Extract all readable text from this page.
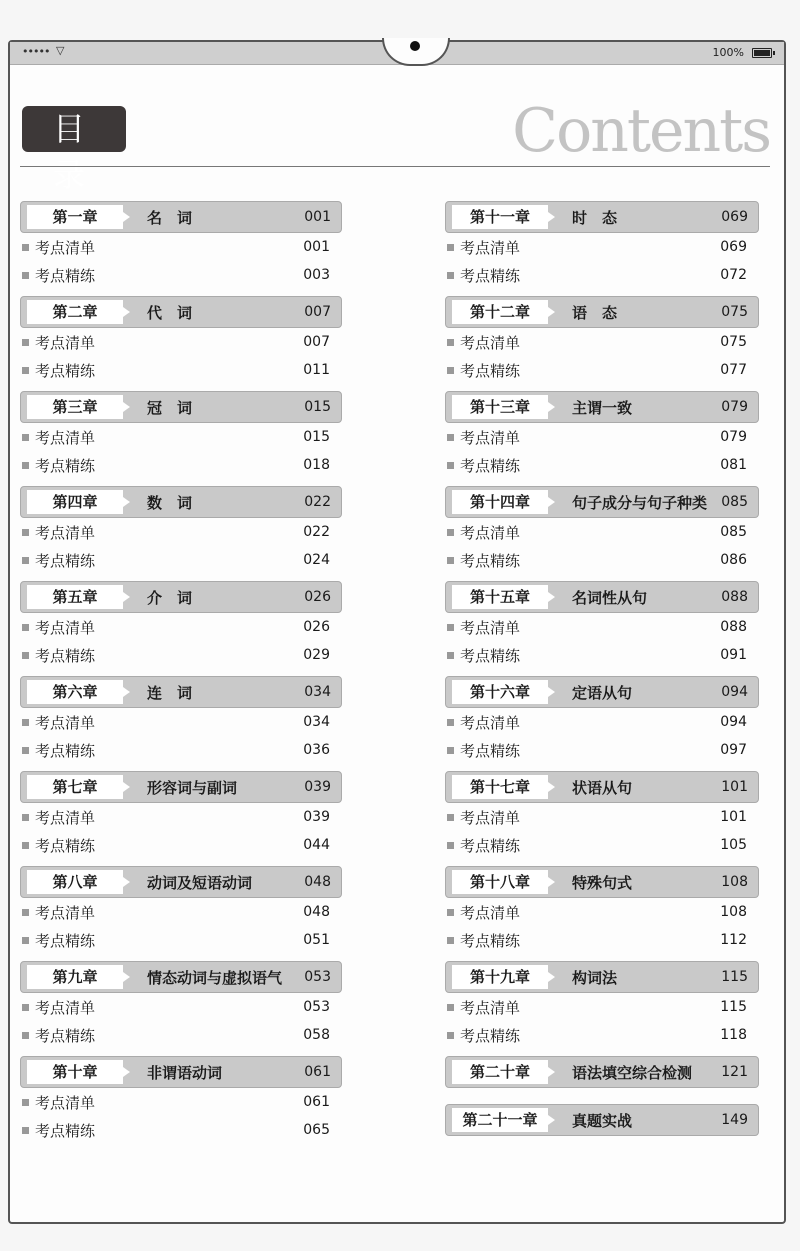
••••• ▽	100%
目 录
Contents
第一章	名　词	001
考点清单	001
考点精练	003
第二章	代　词	007
考点清单	007
考点精练	011
第三章	冠　词	015
考点清单	015
考点精练	018
第四章	数　词	022
考点清单	022
考点精练	024
第五章	介　词	026
考点清单	026
考点精练	029
第六章	连　词	034
考点清单	034
考点精练	036
第七章	形容词与副词	039
考点清单	039
考点精练	044
第八章	动词及短语动词	048
考点清单	048
考点精练	051
第九章	情态动词与虚拟语气	053
考点清单	053
考点精练	058
第十章	非谓语动词	061
考点清单	061
考点精练	065
第十一章	时　态	069
考点清单	069
考点精练	072
第十二章	语　态	075
考点清单	075
考点精练	077
第十三章	主谓一致	079
考点清单	079
考点精练	081
第十四章	句子成分与句子种类	085
考点清单	085
考点精练	086
第十五章	名词性从句	088
考点清单	088
考点精练	091
第十六章	定语从句	094
考点清单	094
考点精练	097
第十七章	状语从句	101
考点清单	101
考点精练	105
第十八章	特殊句式	108
考点清单	108
考点精练	112
第十九章	构词法	115
考点清单	115
考点精练	118
第二十章	语法填空综合检测	121
第二十一章	真题实战	149
